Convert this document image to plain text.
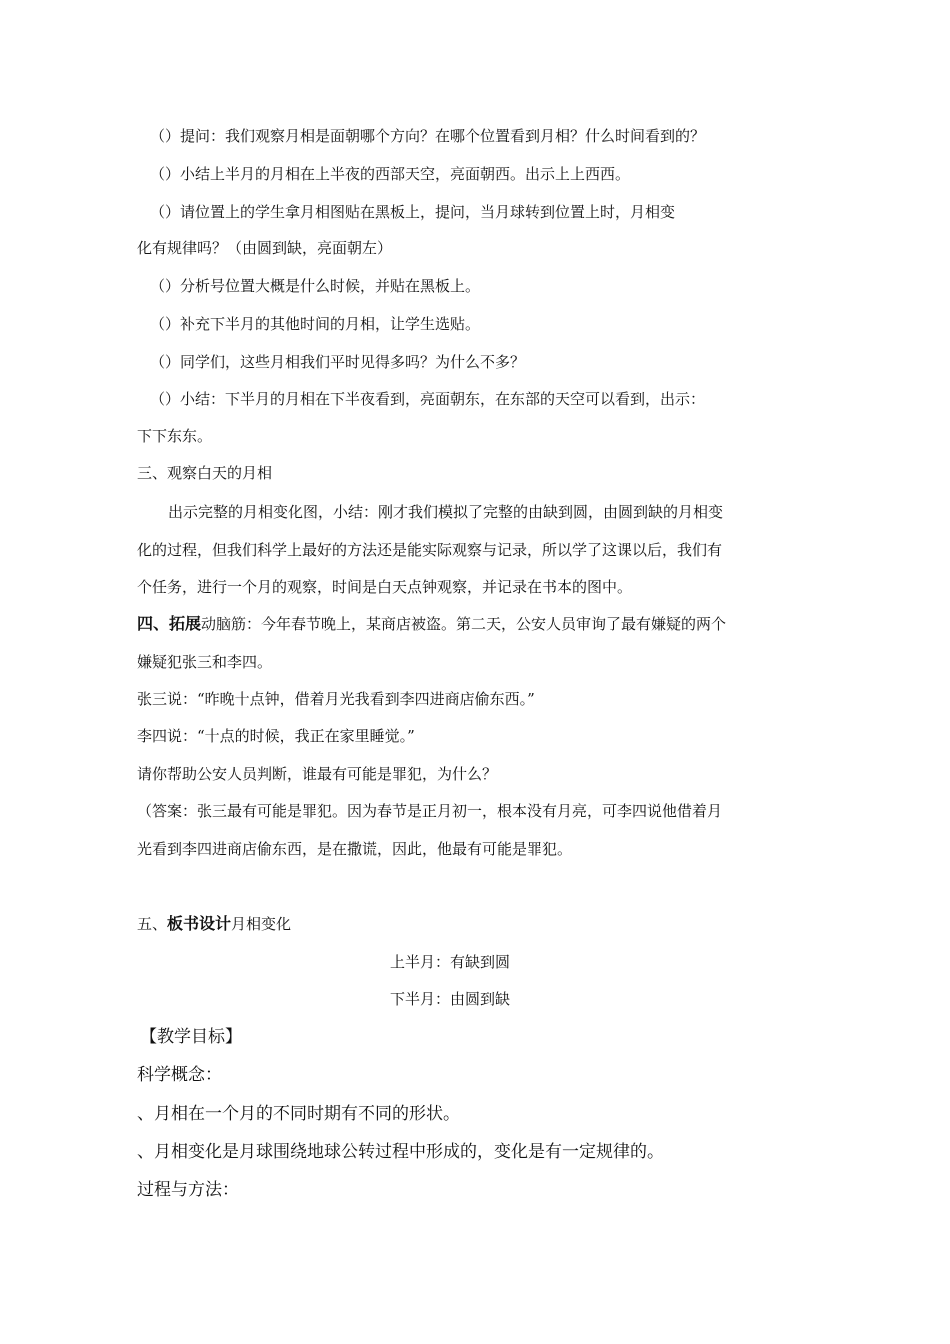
（）提问：我们观察月相是面朝哪个方向？在哪个位置看到月相？什么时间看到的？
（）小结上半月的月相在上半夜的西部天空，亮面朝西。出示上上西西。
（）请位置上的学生拿月相图贴在黑板上，提问，当月球转到位置上时，月相变
化有规律吗？（由圆到缺，亮面朝左）
（）分析号位置大概是什么时候，并贴在黑板上。
（）补充下半月的其他时间的月相，让学生选贴。
（）同学们，这些月相我们平时见得多吗？为什么不多？
（）小结：下半月的月相在下半夜看到，亮面朝东，在东部的天空可以看到，出示：
下下东东。
三、观察白天的月相
出示完整的月相变化图，小结：刚才我们模拟了完整的由缺到圆，由圆到缺的月相变
化的过程，但我们科学上最好的方法还是能实际观察与记录，所以学了这课以后，我们有
个任务，进行一个月的观察，时间是白天点钟观察，并记录在书本的图中。
四、拓展动脑筋：今年春节晚上，某商店被盗。第二天，公安人员审询了最有嫌疑的两个
嫌疑犯张三和李四。
张三说：“昨晚十点钟，借着月光我看到李四进商店偷东西。”
李四说：“十点的时候，我正在家里睡觉。”
请你帮助公安人员判断，谁最有可能是罪犯，为什么？
（答案：张三最有可能是罪犯。因为春节是正月初一，根本没有月亮，可李四说他借着月
光看到李四进商店偷东西，是在撒谎，因此，他最有可能是罪犯。
五、板书设计月相变化
上半月：有缺到圆
下半月：由圆到缺
【教学目标】
科学概念：
、月相在一个月的不同时期有不同的形状。
、月相变化是月球围绕地球公转过程中形成的，变化是有一定规律的。
过程与方法：
